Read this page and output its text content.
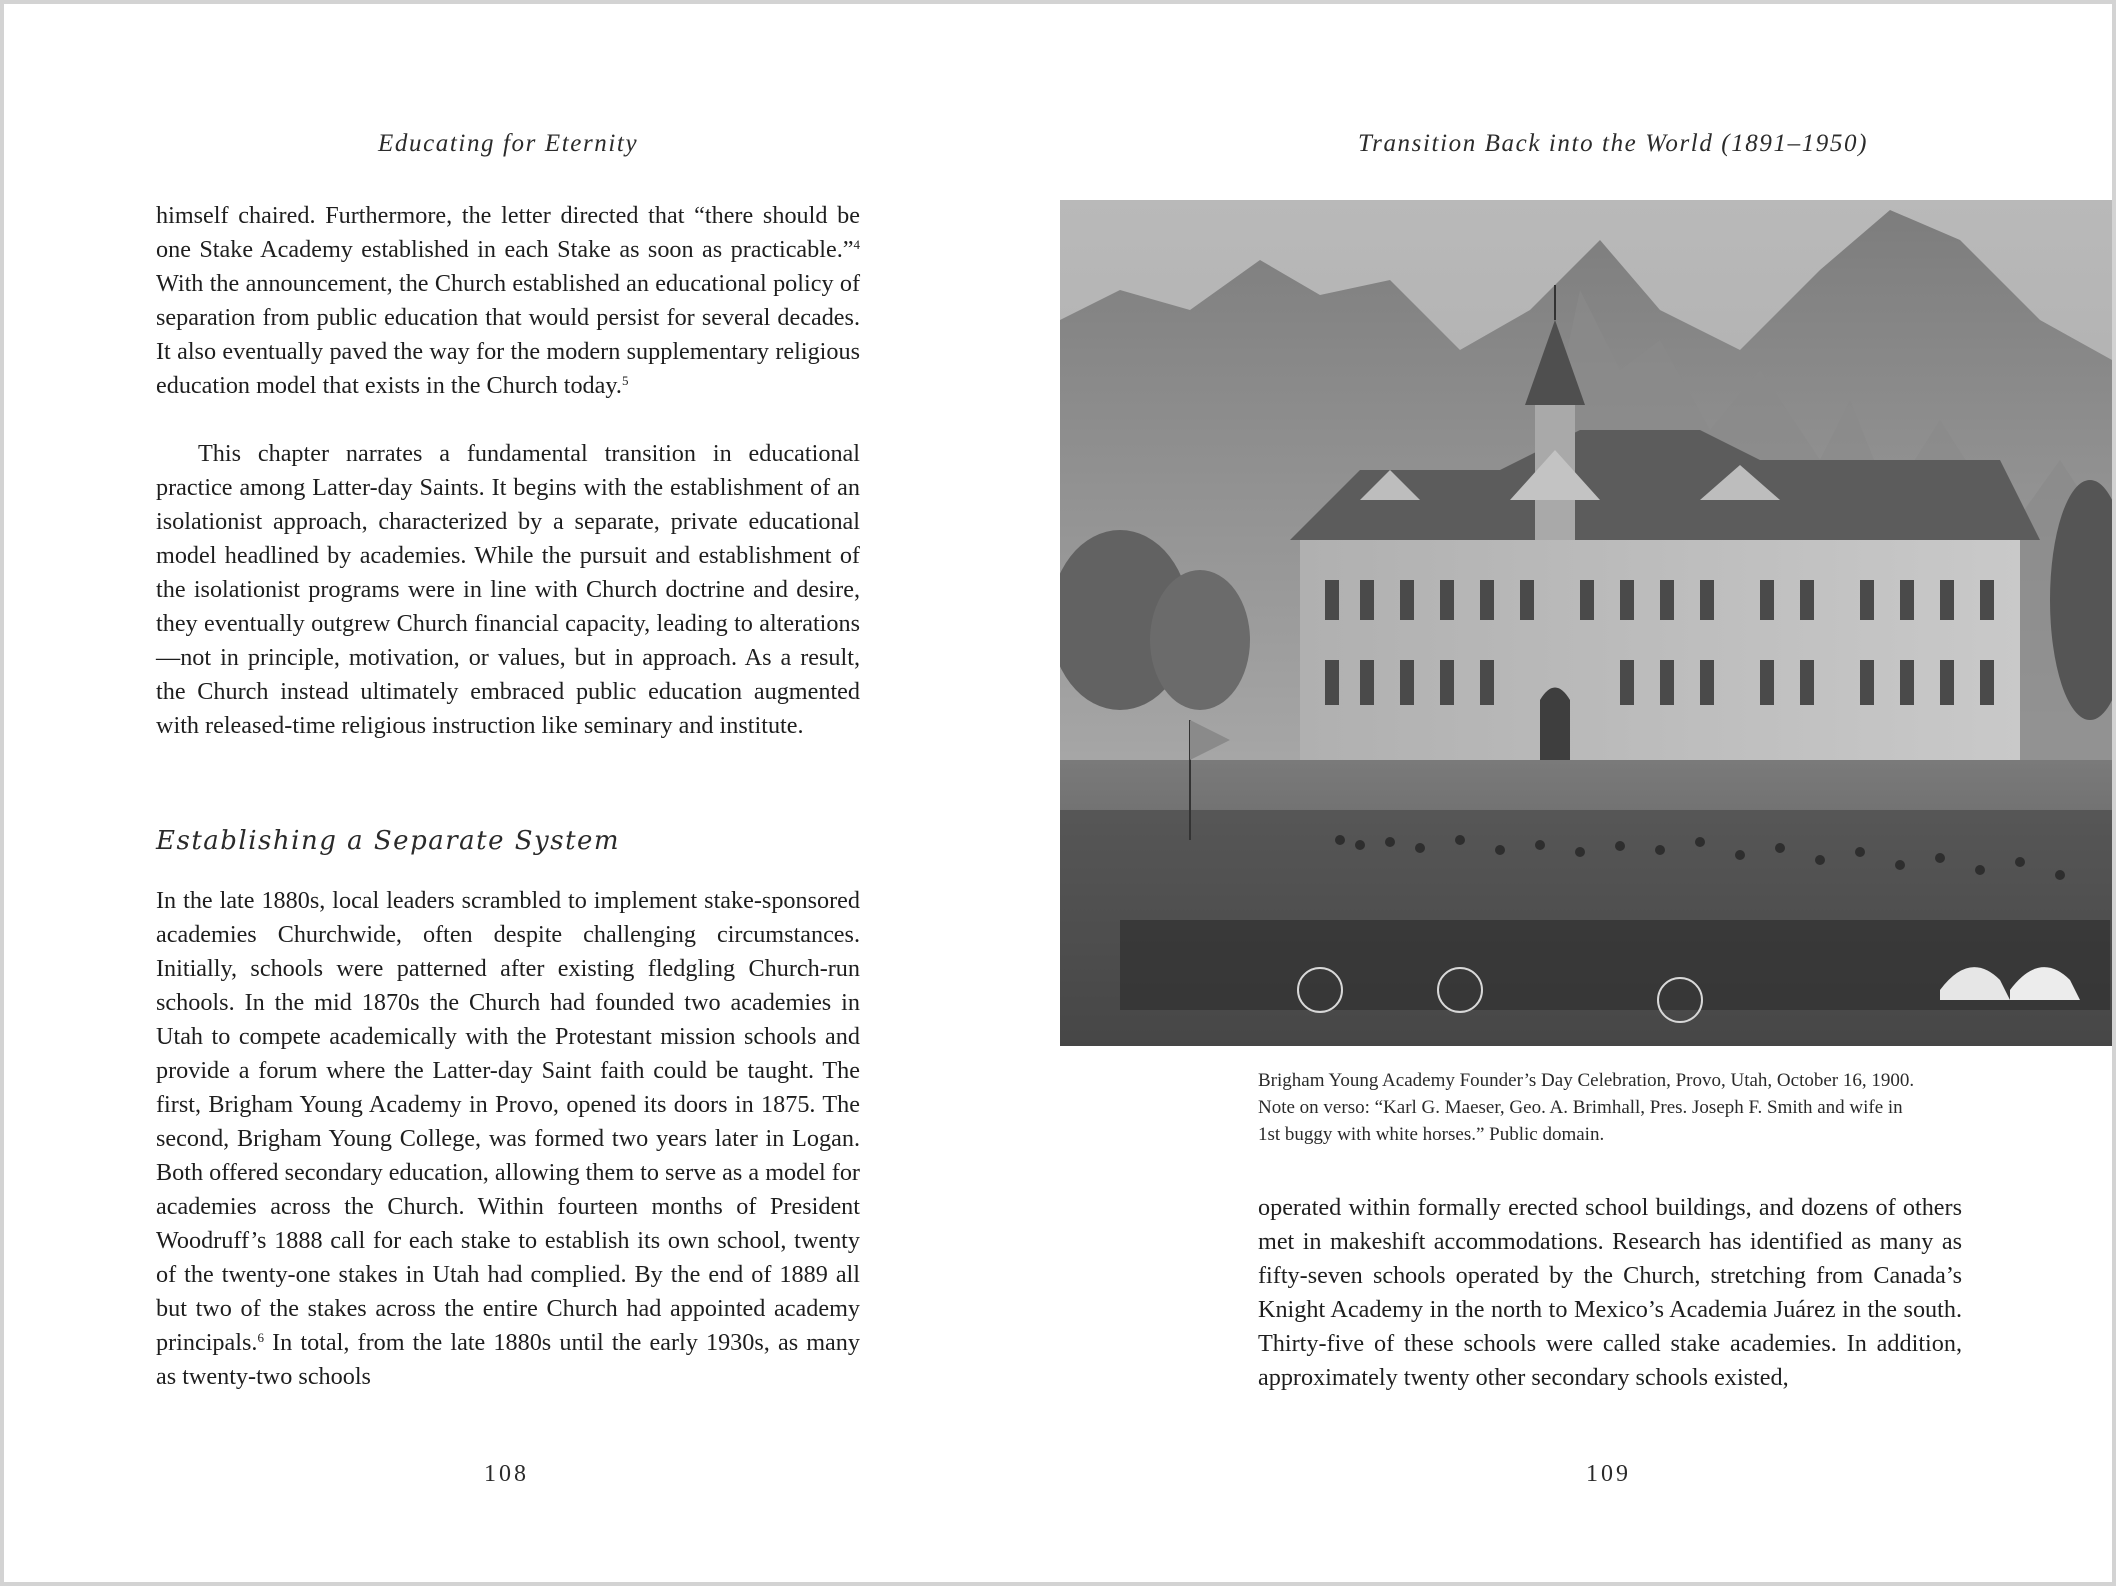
Educating for Eternity

himself chaired. Furthermore, the letter directed that “there should be one Stake Academy established in each Stake as soon as practicable.”$^4$ With the announcement, the Church established an educational policy of separation from public education that would persist for several decades. It also eventually paved the way for the modern supplementary religious education model that exists in the Church today.$^5$

This chapter narrates a fundamental transition in educational practice among Latter-day Saints. It begins with the establishment of an isolationist approach, characterized by a separate, private educational model headlined by academies. While the pursuit and establishment of the isolationist programs were in line with Church doctrine and desire, they eventually outgrew Church financial capacity, leading to alterations—not in principle, motivation, or values, but in approach. As a result, the Church instead ultimately embraced public education augmented with released-time religious instruction like seminary and institute.

Establishing a Separate System

In the late 1880s, local leaders scrambled to implement stake-sponsored academies Churchwide, often despite challenging circumstances. Initially, schools were patterned after existing fledgling Church-run schools. In the mid 1870s the Church had founded two academies in Utah to compete academically with the Protestant mission schools and provide a forum where the Latter-day Saint faith could be taught. The first, Brigham Young Academy in Provo, opened its doors in 1875. The second, Brigham Young College, was formed two years later in Logan. Both offered secondary education, allowing them to serve as a model for academies across the Church. Within fourteen months of President Woodruff’s 1888 call for each stake to establish its own school, twenty of the twenty-one stakes in Utah had complied. By the end of 1889 all but two of the stakes across the entire Church had appointed academy principals.$^6$ In total, from the late 1880s until the early 1930s, as many as twenty-two schools

108
Transition Back into the World (1891–1950)
Brigham Young Academy Founder’s Day Celebration, Provo, Utah, October 16, 1900.
Note on verso: “Karl G. Maeser, Geo. A. Brimhall, Pres. Joseph F. Smith and wife in
1st buggy with white horses.” Public domain.

operated within formally erected school buildings, and dozens of others met in makeshift accommodations. Research has identified as many as fifty-seven schools operated by the Church, stretching from Canada’s Knight Academy in the north to Mexico’s Academia Juárez in the south. Thirty-five of these schools were called stake academies. In addition, approximately twenty other secondary schools existed,

109
